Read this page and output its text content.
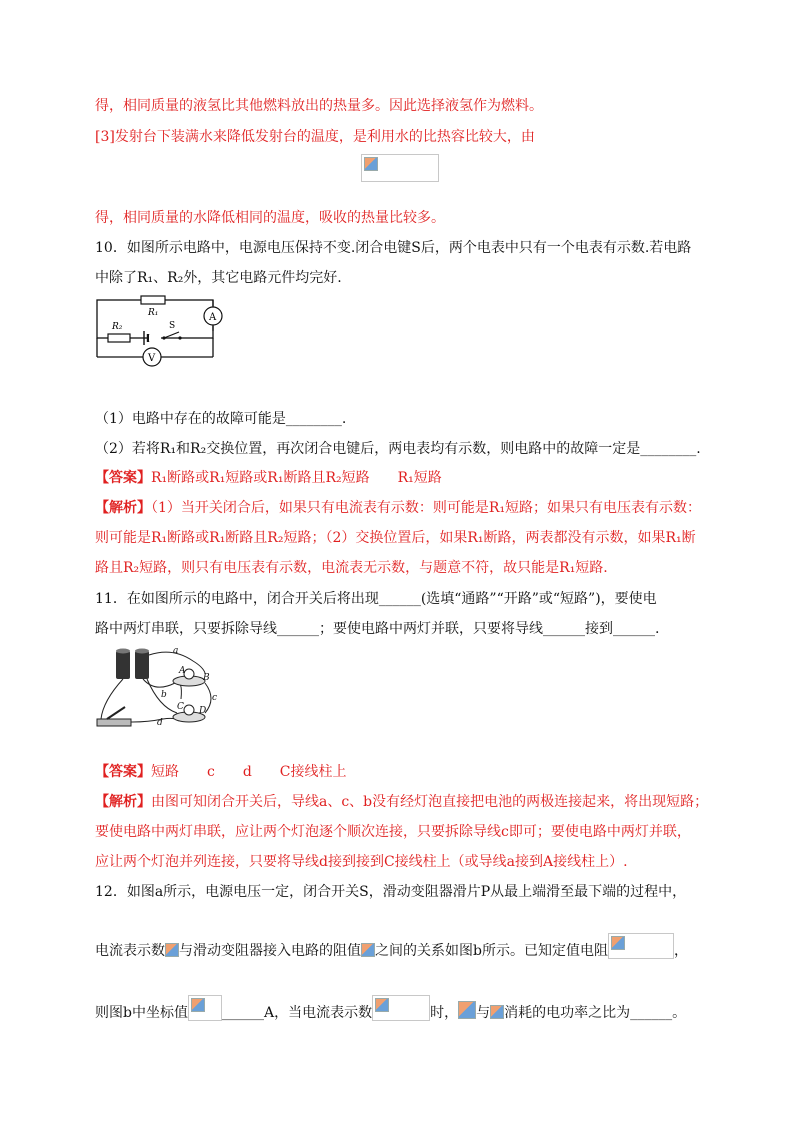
得，相同质量的液氢比其他燃料放出的热量多。因此选择液氢作为燃料。
[3]发射台下装满水来降低发射台的温度，是利用水的比热容比较大，由
得，相同质量的水降低相同的温度，吸收的热量比较多。
10．如图所示电路中，电源电压保持不变.闭合电键S后，两个电表中只有一个电表有示数.若电路
中除了R₁、R₂外，其它电路元件均完好.
R₁
R₂	S
A
V
（1）电路中存在的故障可能是________.
（2）若将R₁和R₂交换位置，再次闭合电键后，两电表均有示数，则电路中的故障一定是________.
【答案】R₁断路或R₁短路或R₁断路且R₂短路　　R₁短路
【解析】（1）当开关闭合后，如果只有电流表有示数：则可能是R₁短路；如果只有电压表有示数：
则可能是R₁断路或R₁断路且R₂短路；（2）交换位置后，如果R₁断路，两表都没有示数，如果R₁断
路且R₂短路，则只有电压表有示数，电流表无示数，与题意不符，故只能是R₁短路.
11．在如图所示的电路中，闭合开关后将出现______(选填“通路”“开路”或“短路”)，要使电
路中两灯串联，只要拆除导线______；要使电路中两灯并联，只要将导线______接到______.
a
b	c
d
A
B
C D
【答案】短路　　c　　d　　C接线柱上
【解析】由图可知闭合开关后，导线a、c、b没有经灯泡直接把电池的两极连接起来，将出现短路；
要使电路中两灯串联，应让两个灯泡逐个顺次连接，只要拆除导线c即可；要使电路中两灯并联，
应让两个灯泡并列连接，只要将导线d接到接到C接线柱上（或导线a接到A接线柱上）.
12．如图a所示，电源电压一定，闭合开关S，滑动变阻器滑片P从最上端滑至最下端的过程中，
电流表示数 与滑动变阻器接入电路的阻值 之间的关系如图b所示。已知定值电阻	，
则图b中坐标值 ______A，当电流表示数	时， 与 消耗的电功率之比为______。
